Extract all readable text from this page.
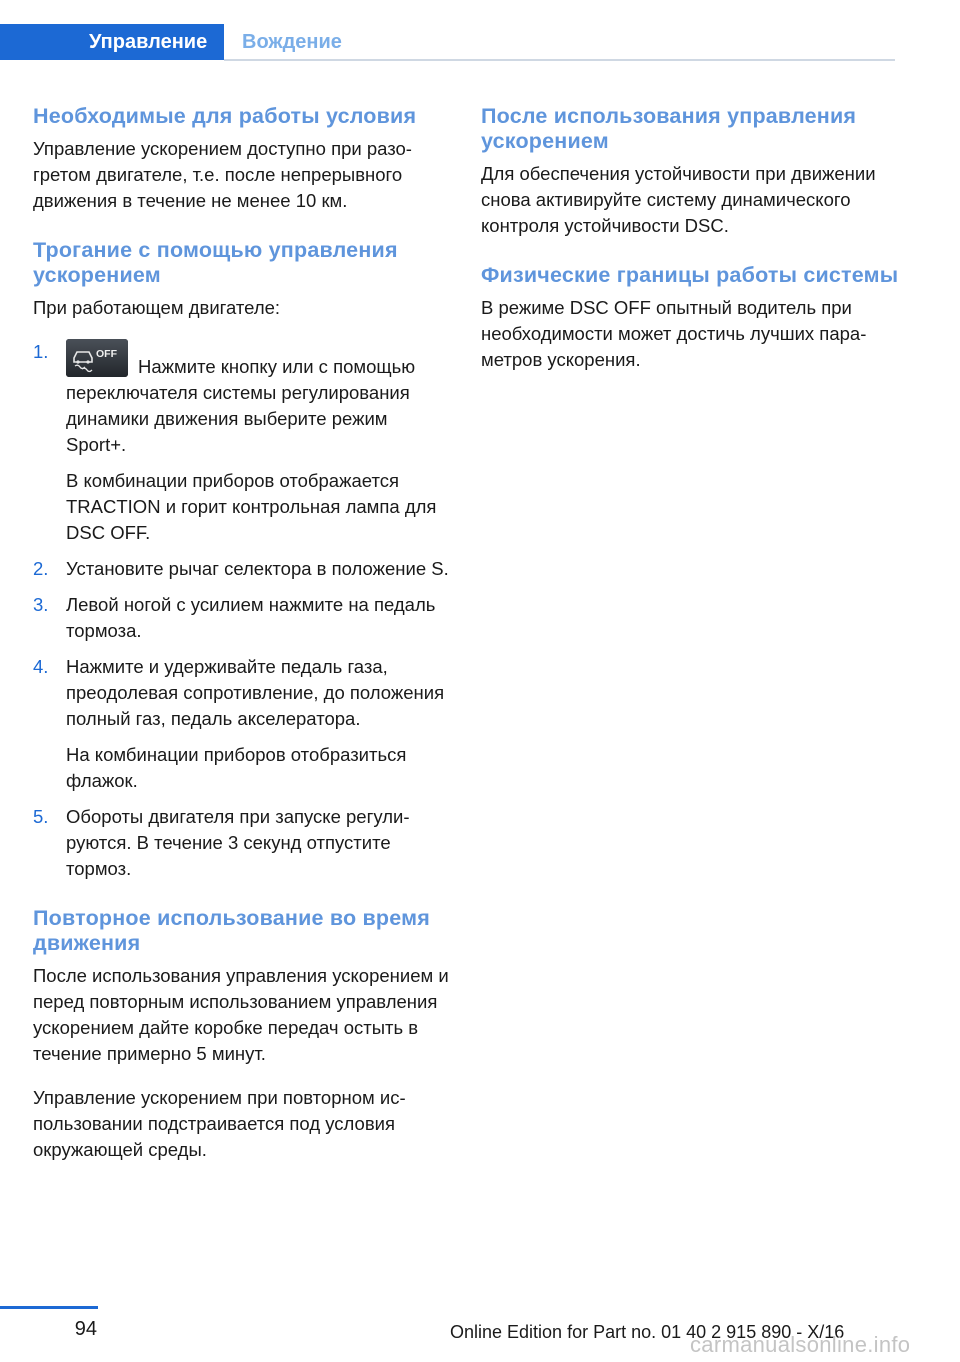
Управление	Вождение
Необходимые для работы условия

Управление ускорением доступно при разогретом двигателе, т.е. после непрерывного движения в течение не менее 10 км.

Трогание с помощью управления ускорением

При работающем двигателе:

1.	OFF
Нажмите кнопку или с помощью переключателя системы регулирования динамики движения выберите режим Sport+.

В комбинации приборов отображается TRACTION и горит контрольная лампа для DSC OFF.

2. Установите рычаг селектора в положение S.

3. Левой ногой с усилием нажмите на педаль тормоза.

4. Нажмите и удерживайте педаль газа, преодолевая сопротивление, до положения полный газ, педаль акселератора.

На комбинации приборов отобразиться флажок.

5. Обороты двигателя при запуске регулируются. В течение 3 секунд отпустите тормоз.

Повторное использование во время движения

После использования управления ускорением и перед повторным использованием управления ускорением дайте коробке передач остыть в течение примерно 5 минут.

Управление ускорением при повторном использовании подстраивается под условия окружающей среды.

После использования управления ускорением

Для обеспечения устойчивости при движении снова активируйте систему динамического контроля устойчивости DSC.

Физические границы работы системы

В режиме DSC OFF опытный водитель при необходимости может достичь лучших параметров ускорения.

94	Online Edition for Part no. 01 40 2 915 890 - X/16
carmanualsonline.info
